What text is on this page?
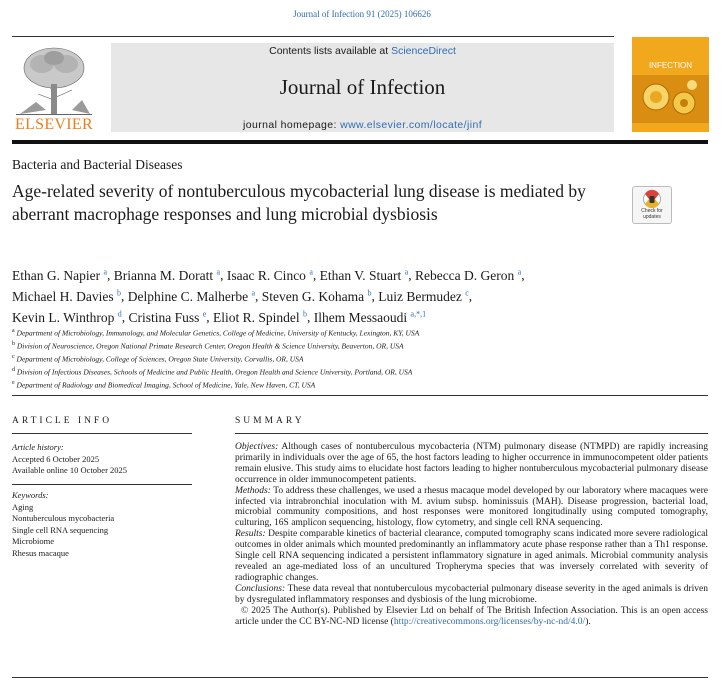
Journal of Infection 91 (2025) 106626
ELSEVIER
Contents lists available at ScienceDirect
Journal of Infection
journal homepage: www.elsevier.com/locate/jinf
INFECTION
Bacteria and Bacterial Diseases
Age-related severity of nontuberculous mycobacterial lung disease is mediated by aberrant macrophage responses and lung microbial dysbiosis	Check for updates
Ethan G. Napier $^a$, Brianna M. Doratt $^a$, Isaac R. Cinco $^a$, Ethan V. Stuart $^a$, Rebecca D. Geron $^a$,
Michael H. Davies $^b$, Delphine C. Malherbe $^a$, Steven G. Kohama $^b$, Luiz Bermudez $^c$,
Kevin L. Winthrop $^d$, Cristina Fuss $^e$, Eliot R. Spindel $^b$, Ilhem Messaoudi $^{a,*,1}$
$^a$ Department of Microbiology, Immunology, and Molecular Genetics, College of Medicine, University of Kentucky, Lexington, KY, USA
$^b$ Division of Neuroscience, Oregon National Primate Research Center, Oregon Health & Science University, Beaverton, OR, USA
$^c$ Department of Microbiology, College of Sciences, Oregon State University, Corvallis, OR, USA
$^d$ Division of Infectious Diseases, Schools of Medicine and Public Health, Oregon Health and Science University, Portland, OR, USA
$^e$ Department of Radiology and Biomedical Imaging, School of Medicine, Yale, New Haven, CT, USA
ARTICLE INFO
Article history:
Accepted 6 October 2025
Available online 10 October 2025
Keywords:
Aging
Nontuberculous mycobacteria
Single cell RNA sequencing
Microbiome
Rhesus macaque
SUMMARY

Objectives: Although cases of nontuberculous mycobacteria (NTM) pulmonary disease (NTMPD) are rapidly increasing primarily in individuals over the age of 65, the host factors leading to higher occurrence in immunocompetent older patients remain elusive. This study aims to elucidate host factors leading to higher nontuberculous mycobacterial pulmonary disease occurrence in older immunocompetent patients.

Methods: To address these challenges, we used a rhesus macaque model developed by our laboratory where macaques were infected via intrabronchial inoculation with M. avium subsp. hominissuis (MAH). Disease progression, bacterial load, microbial community compositions, and host responses were monitored longitudinally using computed tomography, culturing, 16S amplicon sequencing, histology, flow cytometry, and single cell RNA sequencing.

Results: Despite comparable kinetics of bacterial clearance, computed tomography scans indicated more severe radiological outcomes in older animals which mounted predominantly an inflammatory acute phase response rather than a Th1 response. Single cell RNA sequencing indicated a persistent inflammatory signature in aged animals. Microbial community analysis revealed an age-mediated loss of an uncultured Tropheryma species that was inversely correlated with severity of radiographic changes.

Conclusions: These data reveal that nontuberculous mycobacterial pulmonary disease severity in the aged animals is driven by dysregulated inflammatory responses and dysbiosis of the lung microbiome.

© 2025 The Author(s). Published by Elsevier Ltd on behalf of The British Infection Association. This is an open access article under the CC BY-NC-ND license (http://creativecommons.org/licenses/by-nc-nd/4.0/).
